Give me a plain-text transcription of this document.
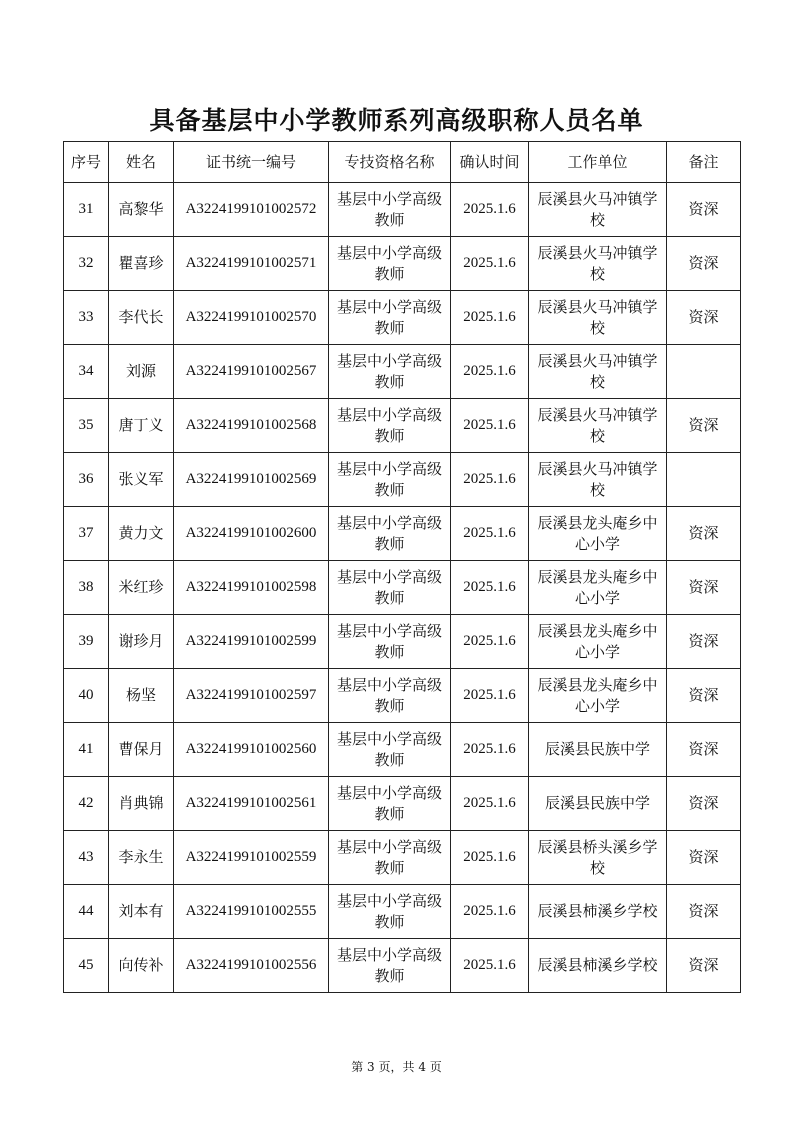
具备基层中小学教师系列高级职称人员名单
序号	姓名	证书统一编号	专技资格名称	确认时间	工作单位	备注
31	高黎华	A3224199101002572	基层中小学高级教师	2025.1.6	辰溪县火马冲镇学校	资深
32	瞿喜珍	A3224199101002571	基层中小学高级教师	2025.1.6	辰溪县火马冲镇学校	资深
33	李代长	A3224199101002570	基层中小学高级教师	2025.1.6	辰溪县火马冲镇学校	资深
34	刘源	A3224199101002567	基层中小学高级教师	2025.1.6	辰溪县火马冲镇学校	
35	唐丁义	A3224199101002568	基层中小学高级教师	2025.1.6	辰溪县火马冲镇学校	资深
36	张义军	A3224199101002569	基层中小学高级教师	2025.1.6	辰溪县火马冲镇学校	
37	黄力文	A3224199101002600	基层中小学高级教师	2025.1.6	辰溪县龙头庵乡中心小学	资深
38	米红珍	A3224199101002598	基层中小学高级教师	2025.1.6	辰溪县龙头庵乡中心小学	资深
39	谢珍月	A3224199101002599	基层中小学高级教师	2025.1.6	辰溪县龙头庵乡中心小学	资深
40	杨坚	A3224199101002597	基层中小学高级教师	2025.1.6	辰溪县龙头庵乡中心小学	资深
41	曹保月	A3224199101002560	基层中小学高级教师	2025.1.6	辰溪县民族中学	资深
42	肖典锦	A3224199101002561	基层中小学高级教师	2025.1.6	辰溪县民族中学	资深
43	李永生	A3224199101002559	基层中小学高级教师	2025.1.6	辰溪县桥头溪乡学校	资深
44	刘本有	A3224199101002555	基层中小学高级教师	2025.1.6	辰溪县柿溪乡学校	资深
45	向传补	A3224199101002556	基层中小学高级教师	2025.1.6	辰溪县柿溪乡学校	资深
第 3 页，共 4 页
